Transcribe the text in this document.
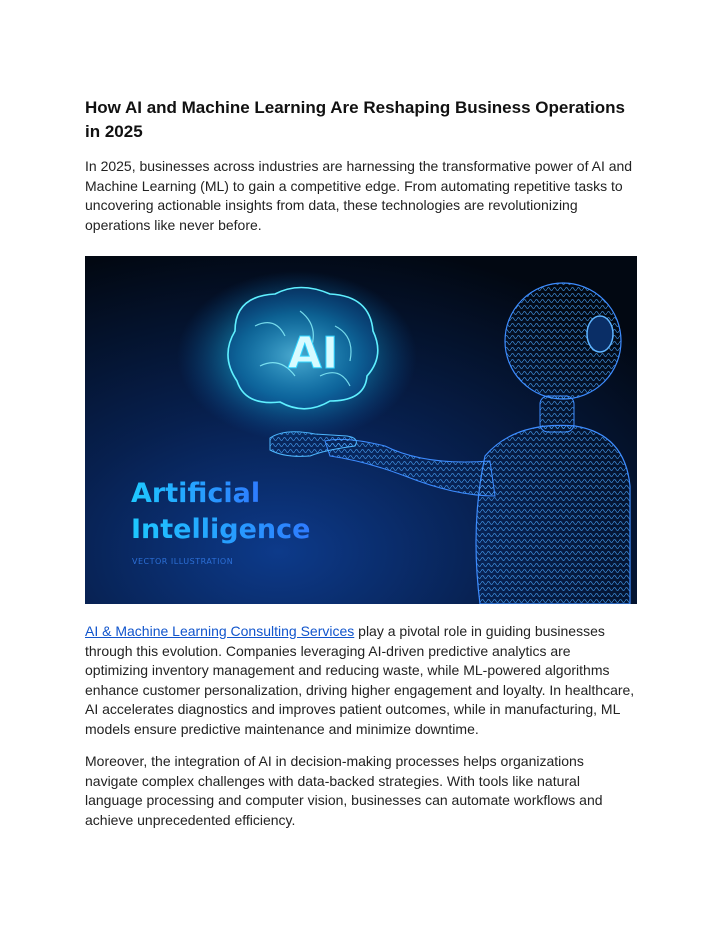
How AI and Machine Learning Are Reshaping Business Operations in 2025

In 2025, businesses across industries are harnessing the transformative power of AI and Machine Learning (ML) to gain a competitive edge. From automating repetitive tasks to uncovering actionable insights from data, these technologies are revolutionizing operations like never before.

AI
Artificial
Intelligence
VECTOR ILLUSTRATION

AI & Machine Learning Consulting Services play a pivotal role in guiding businesses through this evolution. Companies leveraging AI-driven predictive analytics are optimizing inventory management and reducing waste, while ML-powered algorithms enhance customer personalization, driving higher engagement and loyalty. In healthcare, AI accelerates diagnostics and improves patient outcomes, while in manufacturing, ML models ensure predictive maintenance and minimize downtime.

Moreover, the integration of AI in decision-making processes helps organizations navigate complex challenges with data-backed strategies. With tools like natural language processing and computer vision, businesses can automate workflows and achieve unprecedented efficiency.
